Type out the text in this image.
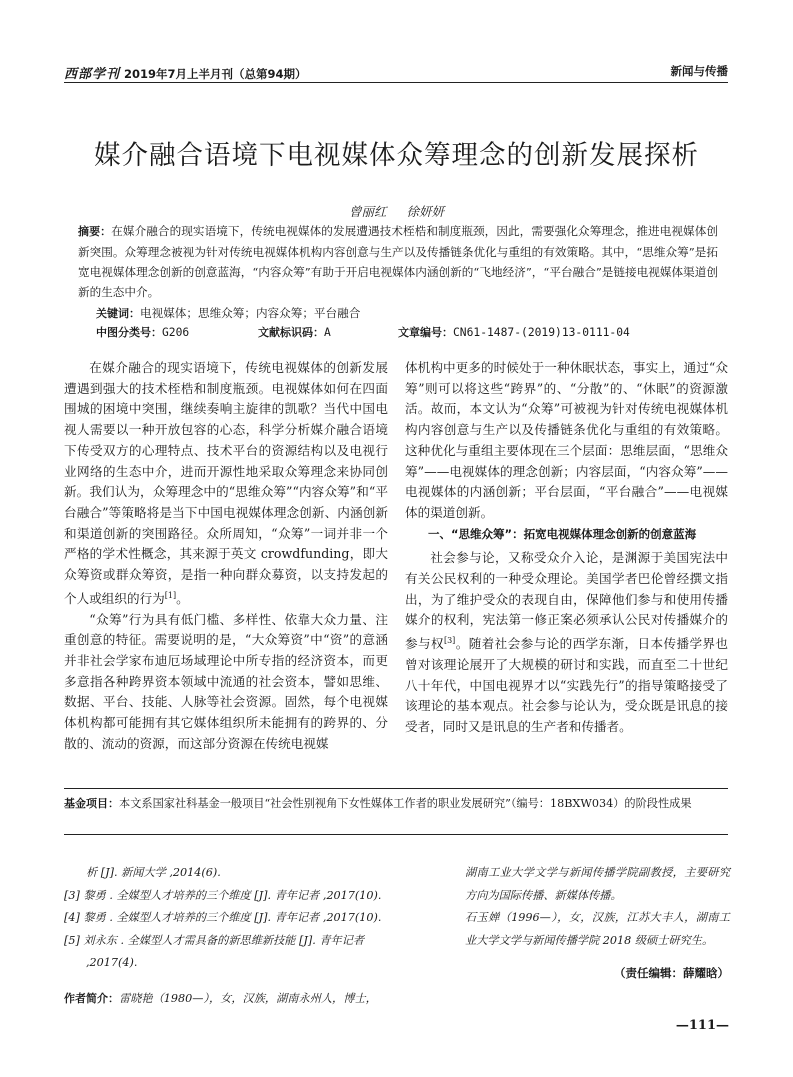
西部学刊 2019年7月上半月刊（总第94期）	新闻与传播
媒介融合语境下电视媒体众筹理念的创新发展探析
曾丽红 徐妍妍
摘要：在媒介融合的现实语境下，传统电视媒体的发展遭遇技术桎梏和制度瓶颈，因此，需要强化众筹理念，推进电视媒体创新突围。众筹理念被视为针对传统电视媒体机构内容创意与生产以及传播链条优化与重组的有效策略。其中，“思维众筹”是拓宽电视媒体理念创新的创意蓝海，“内容众筹”有助于开启电视媒体内涵创新的“飞地经济”，“平台融合”是链接电视媒体渠道创新的生态中介。
关键词：电视媒体；思维众筹；内容众筹；平台融合
中图分类号：G206	文献标识码：A	文章编号：CN61-1487-(2019)13-0111-04

在媒介融合的现实语境下，传统电视媒体的创新发展遭遇到强大的技术桎梏和制度瓶颈。电视媒体如何在四面围城的困境中突围，继续奏响主旋律的凯歌？当代中国电视人需要以一种开放包容的心态，科学分析媒介融合语境下传受双方的心理特点、技术平台的资源结构以及电视行业网络的生态中介，进而开源性地采取众筹理念来协同创新。我们认为，众筹理念中的“思维众筹”“内容众筹”和“平台融合”等策略将是当下中国电视媒体理念创新、内涵创新和渠道创新的突围路径。众所周知，“众筹”一词并非一个严格的学术性概念，其来源于英文 crowdfunding，即大众筹资或群众筹资，是指一种向群众募资，以支持发起的个人或组织的行为[1]。

“众筹”行为具有低门槛、多样性、依靠大众力量、注重创意的特征。需要说明的是，“大众筹资”中“资”的意涵并非社会学家布迪厄场域理论中所专指的经济资本，而更多意指各种跨界资本领域中流通的社会资本，譬如思维、数据、平台、技能、人脉等社会资源。固然，每个电视媒体机构都可能拥有其它媒体组织所未能拥有的跨界的、分散的、流动的资源，而这部分资源在传统电视媒

体机构中更多的时候处于一种休眠状态，事实上，通过“众筹”则可以将这些“跨界”的、“分散”的、“休眠”的资源激活。故而，本文认为“众筹”可被视为针对传统电视媒体机构内容创意与生产以及传播链条优化与重组的有效策略。这种优化与重组主要体现在三个层面：思维层面，“思维众筹”——电视媒体的理念创新；内容层面，“内容众筹”——电视媒体的内涵创新；平台层面，“平台融合”——电视媒体的渠道创新。

一、“思维众筹”：拓宽电视媒体理念创新的创意蓝海

社会参与论，又称受众介入论，是渊源于美国宪法中有关公民权利的一种受众理论。美国学者巴伦曾经撰文指出，为了维护受众的表现自由，保障他们参与和使用传播媒介的权利，宪法第一修正案必须承认公民对传播媒介的参与权[3]。随着社会参与论的西学东渐，日本传播学界也曾对该理论展开了大规模的研讨和实践，而直至二十世纪八十年代，中国电视界才以“实践先行”的指导策略接受了该理论的基本观点。社会参与论认为，受众既是讯息的接受者，同时又是讯息的生产者和传播者。

基金项目：本文系国家社科基金一般项目“社会性别视角下女性媒体工作者的职业发展研究”（编号：18BXW034）的阶段性成果
析 [J]. 新闻大学 ,2014(6).
[3] 黎勇 . 全媒型人才培养的三个维度 [J]. 青年记者 ,2017(10).
[4] 黎勇 . 全媒型人才培养的三个维度 [J]. 青年记者 ,2017(10).
[5] 刘永东 . 全媒型人才需具备的新思维新技能 [J]. 青年记者 ,2017(4).

湖南工业大学文学与新闻传播学院副教授，主要研究方向为国际传播、新媒体传播。

石玉婵（1996—），女，汉族，江苏大丰人，湖南工业大学文学与新闻传播学院 2018 级硕士研究生。

（责任编辑：薛耀晗）
作者简介：雷晓艳（1980—），女，汉族，湖南永州人，博士，
—111—
